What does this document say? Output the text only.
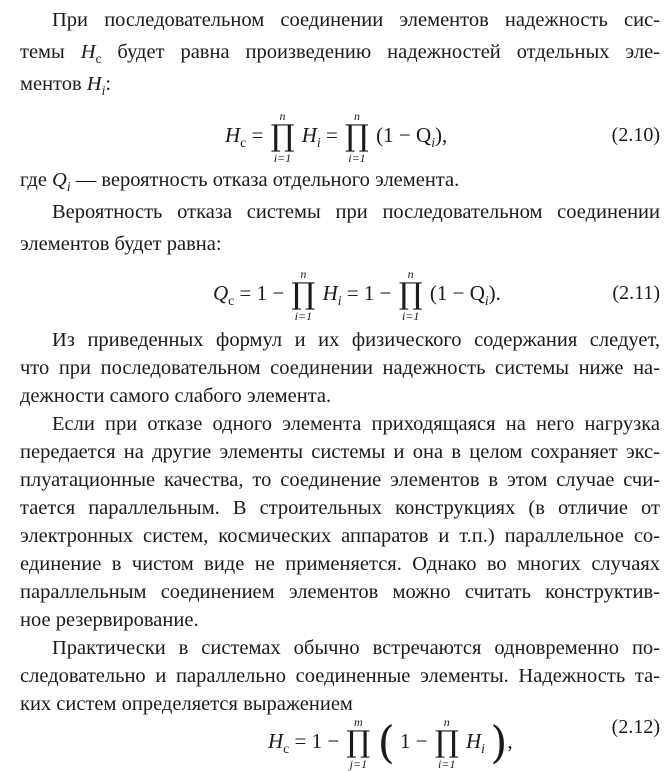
При последовательном соединении элементов надежность сис-
темы $H_c$ будет равна произведению надежностей отдельных эле-
ментов $H_i$:
$H_c$ =
n
∏
i=1
$H_i$ =
n
∏
i=1
$(1 - Q_i)$,	(2.10)
где $Q_i$ — вероятность отказа отдельного элемента.
Вероятность отказа системы при последовательном соединении
элементов будет равна:
$Q_c = 1$ −
n
∏
i=1
$H_i = 1$ −
n
∏
i=1
$(1 - Q_i)$.	(2.11)
Из приведенных формул и их физического содержания следует,
что при последовательном соединении надежность системы ниже на-
дежности самого слабого элемента.
Если при отказе одного элемента приходящаяся на него нагрузка
передается на другие элементы системы и она в целом сохраняет экс-
плуатационные качества, то соединение элементов в этом случае счи-
тается параллельным. В строительных конструкциях (в отличие от
электронных систем, космических аппаратов и т.п.) параллельное со-
единение в чистом виде не применяется. Однако во многих случаях
параллельным соединением элементов можно считать конструктив-
ное резервирование.
Практически в системах обычно встречаются одновременно по-
следовательно и параллельно соединенные элементы. Надежность та-
ких систем определяется выражением
$H_c = 1$ −
m
∏
j=1 ( 1 −
n
∏
i=1
$H_i$ ),
(2.12)
